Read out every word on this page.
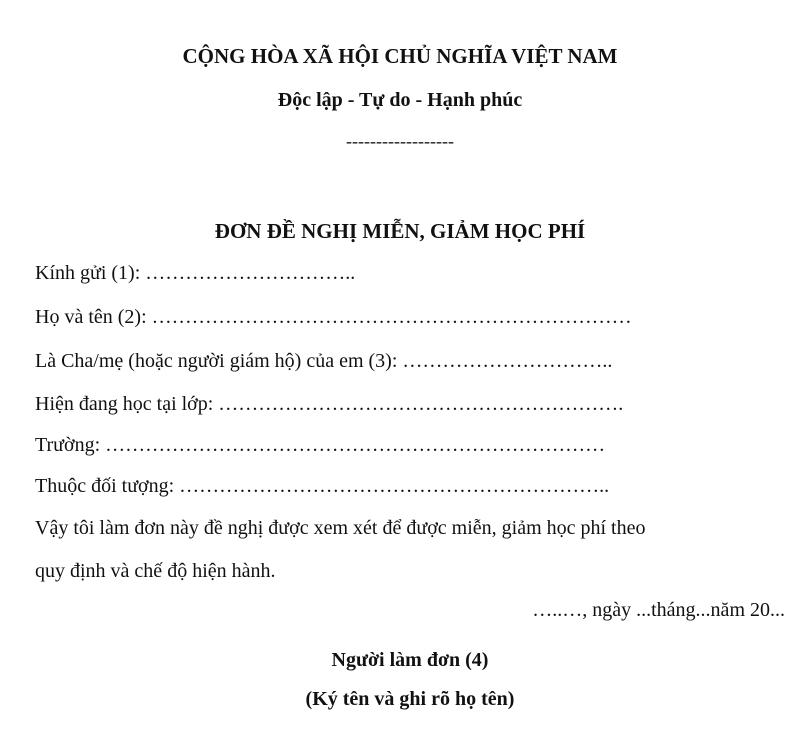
CỘNG HÒA XÃ HỘI CHỦ NGHĨA VIỆT NAM
Độc lập - Tự do - Hạnh phúc
------------------
ĐƠN ĐỀ NGHỊ MIỄN, GIẢM HỌC PHÍ
Kính gửi (1): …………………………..
Họ và tên (2): ………………………………………………………………
Là Cha/mẹ (hoặc người giám hộ) của em (3): …………………………..
Hiện đang học tại lớp: …………………………………………………….
Trường: …………………………………………………………………
Thuộc đối tượng: ………………………………………………………..
Vậy tôi làm đơn này đề nghị được xem xét để được miễn, giảm học phí theo
quy định và chế độ hiện hành.
…..…, ngày ...tháng...năm 20...
Người làm đơn (4)
(Ký tên và ghi rõ họ tên)
